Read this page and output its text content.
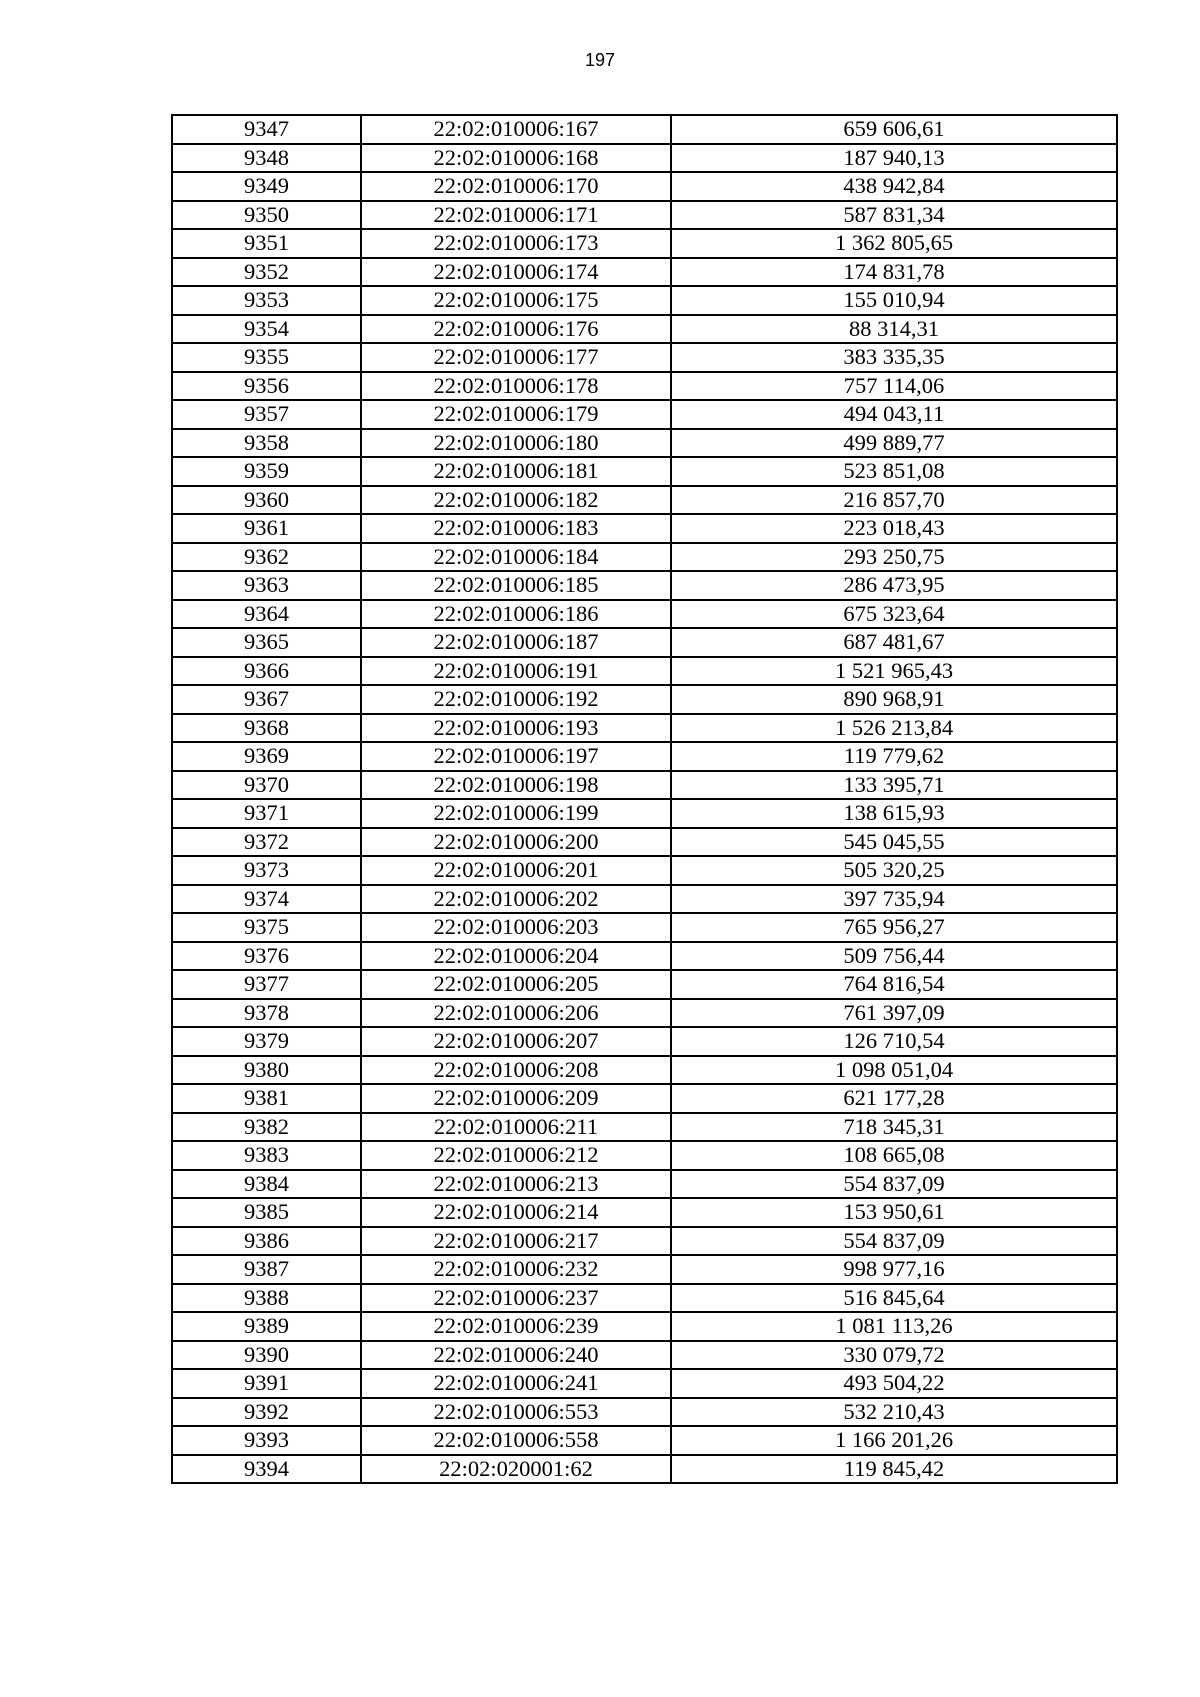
197
9347	22:02:010006:167	659 606,61
9348	22:02:010006:168	187 940,13
9349	22:02:010006:170	438 942,84
9350	22:02:010006:171	587 831,34
9351	22:02:010006:173	1 362 805,65
9352	22:02:010006:174	174 831,78
9353	22:02:010006:175	155 010,94
9354	22:02:010006:176	88 314,31
9355	22:02:010006:177	383 335,35
9356	22:02:010006:178	757 114,06
9357	22:02:010006:179	494 043,11
9358	22:02:010006:180	499 889,77
9359	22:02:010006:181	523 851,08
9360	22:02:010006:182	216 857,70
9361	22:02:010006:183	223 018,43
9362	22:02:010006:184	293 250,75
9363	22:02:010006:185	286 473,95
9364	22:02:010006:186	675 323,64
9365	22:02:010006:187	687 481,67
9366	22:02:010006:191	1 521 965,43
9367	22:02:010006:192	890 968,91
9368	22:02:010006:193	1 526 213,84
9369	22:02:010006:197	119 779,62
9370	22:02:010006:198	133 395,71
9371	22:02:010006:199	138 615,93
9372	22:02:010006:200	545 045,55
9373	22:02:010006:201	505 320,25
9374	22:02:010006:202	397 735,94
9375	22:02:010006:203	765 956,27
9376	22:02:010006:204	509 756,44
9377	22:02:010006:205	764 816,54
9378	22:02:010006:206	761 397,09
9379	22:02:010006:207	126 710,54
9380	22:02:010006:208	1 098 051,04
9381	22:02:010006:209	621 177,28
9382	22:02:010006:211	718 345,31
9383	22:02:010006:212	108 665,08
9384	22:02:010006:213	554 837,09
9385	22:02:010006:214	153 950,61
9386	22:02:010006:217	554 837,09
9387	22:02:010006:232	998 977,16
9388	22:02:010006:237	516 845,64
9389	22:02:010006:239	1 081 113,26
9390	22:02:010006:240	330 079,72
9391	22:02:010006:241	493 504,22
9392	22:02:010006:553	532 210,43
9393	22:02:010006:558	1 166 201,26
9394	22:02:020001:62	119 845,42
